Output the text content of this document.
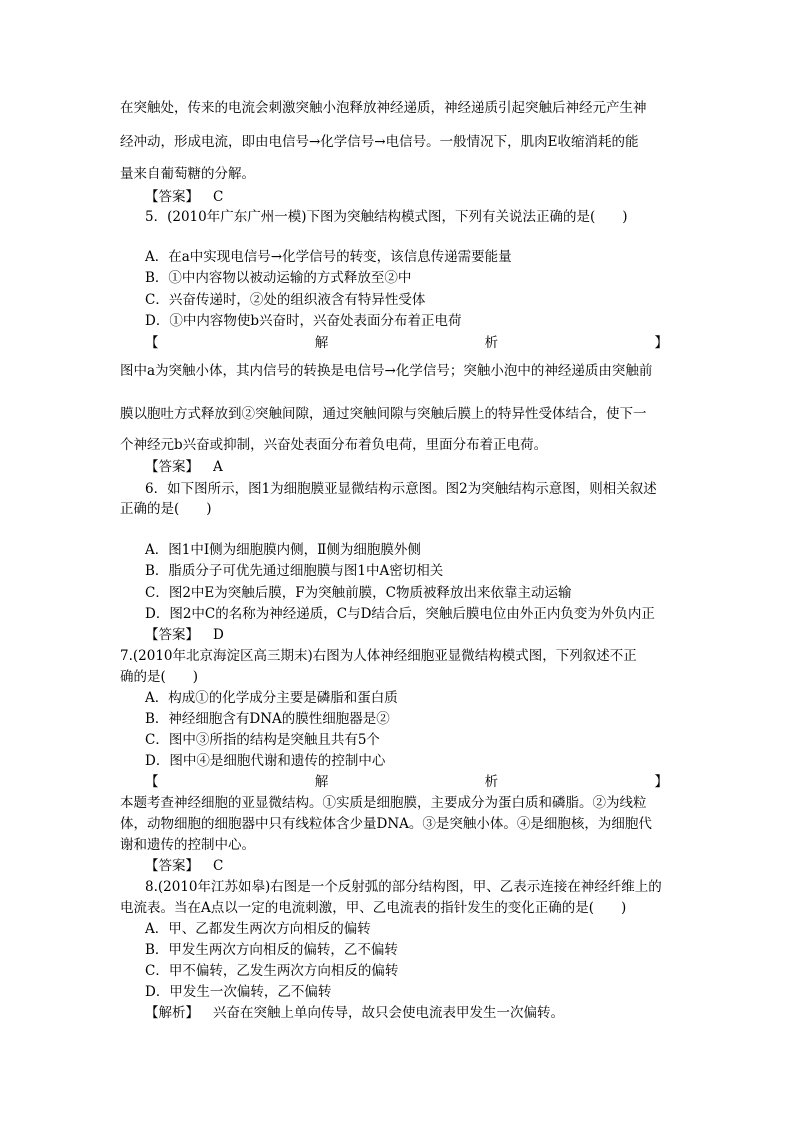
在突触处，传来的电流会刺激突触小泡释放神经递质，神经递质引起突触后神经元产生神
经冲动，形成电流，即由电信号→化学信号→电信号。一般情况下，肌肉E收缩消耗的能
量来自葡萄糖的分解。
【答案】 C
5．(2010年广东广州一模)下图为突触结构模式图，下列有关说法正确的是(　　)
A．在a中实现电信号→化学信号的转变，该信息传递需要能量
B．①中内容物以被动运输的方式释放至②中
C．兴奋传递时，②处的组织液含有特异性受体
D．①中内容物使b兴奋时，兴奋处表面分布着正电荷
【	解	析	】
图中a为突触小体，其内信号的转换是电信号→化学信号；突触小泡中的神经递质由突触前
膜以胞吐方式释放到②突触间隙，通过突触间隙与突触后膜上的特异性受体结合，使下一
个神经元b兴奋或抑制，兴奋处表面分布着负电荷，里面分布着正电荷。
【答案】 A
6．如下图所示，图1为细胞膜亚显微结构示意图。图2为突触结构示意图，则相关叙述
正确的是(　　)
A．图1中Ⅰ侧为细胞膜内侧，Ⅱ侧为细胞膜外侧
B．脂质分子可优先通过细胞膜与图1中A密切相关
C．图2中E为突触后膜，F为突触前膜，C物质被释放出来依靠主动运输
D．图2中C的名称为神经递质，C与D结合后，突触后膜电位由外正内负变为外负内正
【答案】 D
7.(2010年北京海淀区高三期末)右图为人体神经细胞亚显微结构模式图，下列叙述不正
确的是(　　)
A．构成①的化学成分主要是磷脂和蛋白质
B．神经细胞含有DNA的膜性细胞器是②
C．图中③所指的结构是突触且共有5个
D．图中④是细胞代谢和遗传的控制中心
【	解	析	】
本题考查神经细胞的亚显微结构。①实质是细胞膜，主要成分为蛋白质和磷脂。②为线粒
体，动物细胞的细胞器中只有线粒体含少量DNA。③是突触小体。④是细胞核，为细胞代
谢和遗传的控制中心。
【答案】 C
8.(2010年江苏如皋)右图是一个反射弧的部分结构图，甲、乙表示连接在神经纤维上的
电流表。当在A点以一定的电流刺激，甲、乙电流表的指针发生的变化正确的是(　　)
A．甲、乙都发生两次方向相反的偏转
B．甲发生两次方向相反的偏转，乙不偏转
C．甲不偏转，乙发生两次方向相反的偏转
D．甲发生一次偏转，乙不偏转
【解析】 兴奋在突触上单向传导，故只会使电流表甲发生一次偏转。
